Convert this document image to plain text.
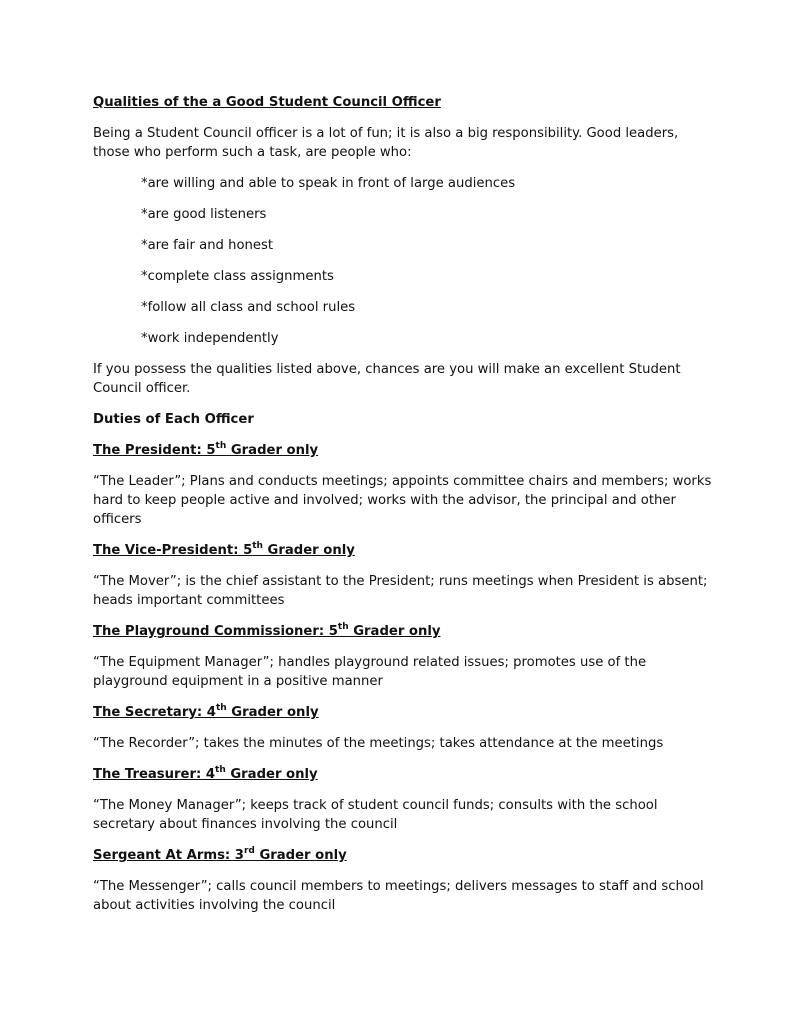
Qualities of the a Good Student Council Officer

Being a Student Council officer is a lot of fun; it is also a big responsibility. Good leaders, those who perform such a task, are people who:

*are willing and able to speak in front of large audiences

*are good listeners

*are fair and honest

*complete class assignments

*follow all class and school rules

*work independently

If you possess the qualities listed above, chances are you will make an excellent Student Council officer.

Duties of Each Officer
The President: 5th Grader only

“The Leader”; Plans and conducts meetings; appoints committee chairs and members; works hard to keep people active and involved; works with the advisor, the principal and other officers

The Vice-President: 5th Grader only

“The Mover”; is the chief assistant to the President; runs meetings when President is absent; heads important committees

The Playground Commissioner: 5th Grader only

“The Equipment Manager”; handles playground related issues; promotes use of the playground equipment in a positive manner

The Secretary: 4th Grader only

“The Recorder”; takes the minutes of the meetings; takes attendance at the meetings

The Treasurer: 4th Grader only

“The Money Manager”; keeps track of student council funds; consults with the school secretary about finances involving the council

Sergeant At Arms: 3rd Grader only

“The Messenger”; calls council members to meetings; delivers messages to staff and school about activities involving the council
